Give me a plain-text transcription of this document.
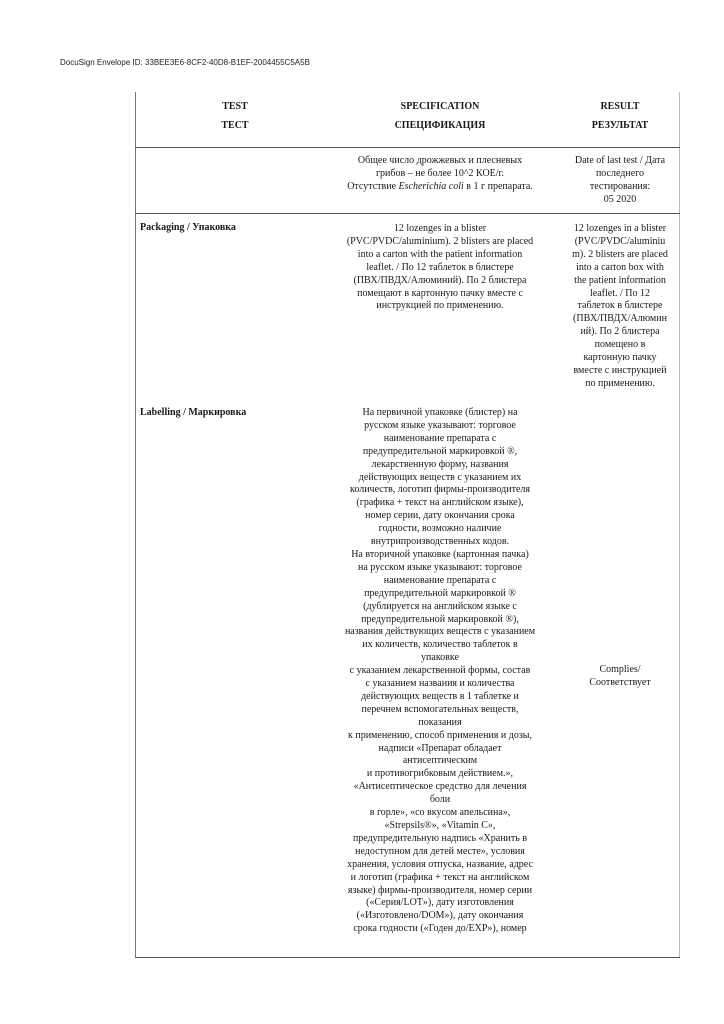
DocuSign Envelope ID: 33BEE3E6-8CF2-40D8-B1EF-2004455C5A5B
TEST
ТЕСТ
SPECIFICATION
СПЕЦИФИКАЦИЯ
RESULT
РЕЗУЛЬТАТ
Общее число дрожжевых и плесневых
грибов – не более 10^2 КОЕ/г.
Отсутствие Escherichia coli в 1 г препарата.
Date of last test / Дата
последнего
тестирования:
05 2020
Packaging / Упаковка	12 lozenges in a blister
(PVC/PVDC/aluminium). 2 blisters are placed
into a carton with the patient information
leaflet. / По 12 таблеток в блистере
(ПВХ/ПВДХ/Алюминий). По 2 блистера
помещают в картонную пачку вместе с
инструкцией по применению.
12 lozenges in a blister
(PVC/PVDC/aluminiu
m). 2 blisters are placed
into a carton box with
the patient information
leaflet. / По 12
таблеток в блистере
(ПВХ/ПВДХ/Алюмин
ий). По 2 блистера
помещено в
картонную пачку
вместе с инструкцией
по применению.
Labelling / Маркировка	На первичной упаковке (блистер) на
русском языке указывают: торговое
наименование препарата с
предупредительной маркировкой ®,
лекарственную форму, названия
действующих веществ с указанием их
количеств, логотип фирмы-производителя
(графика + текст на английском языке),
номер серии, дату окончания срока
годности, возможно наличие
внутрипроизводственных кодов.
На вторичной упаковке (картонная пачка)
на русском языке указывают: торговое
наименование препарата с
предупредительной маркировкой ®
(дублируется на английском языке с
предупредительной маркировкой ®),
названия действующих веществ с указанием
их количеств, количество таблеток в
упаковке
с указанием лекарственной формы, состав
с указанием названия и количества
действующих веществ в 1 таблетке и
перечнем вспомогательных веществ,
показания
к применению, способ применения и дозы,
надписи «Препарат обладает
антисептическим
и противогрибковым действием.»,
«Антисептическое средство для лечения
боли
в горле», «со вкусом апельсина»,
«Strepsils®», «Vitamin C»,
предупредительную надпись «Хранить в
недоступном для детей месте», условия
хранения, условия отпуска, название, адрес
и логотип (графика + текст на английском
языке) фирмы-производителя, номер серии
(«Серия/LOT»), дату изготовления
(«Изготовлено/DOM»), дату окончания
срока годности («Годен до/EXP»), номер
Complies/
Соответствует
